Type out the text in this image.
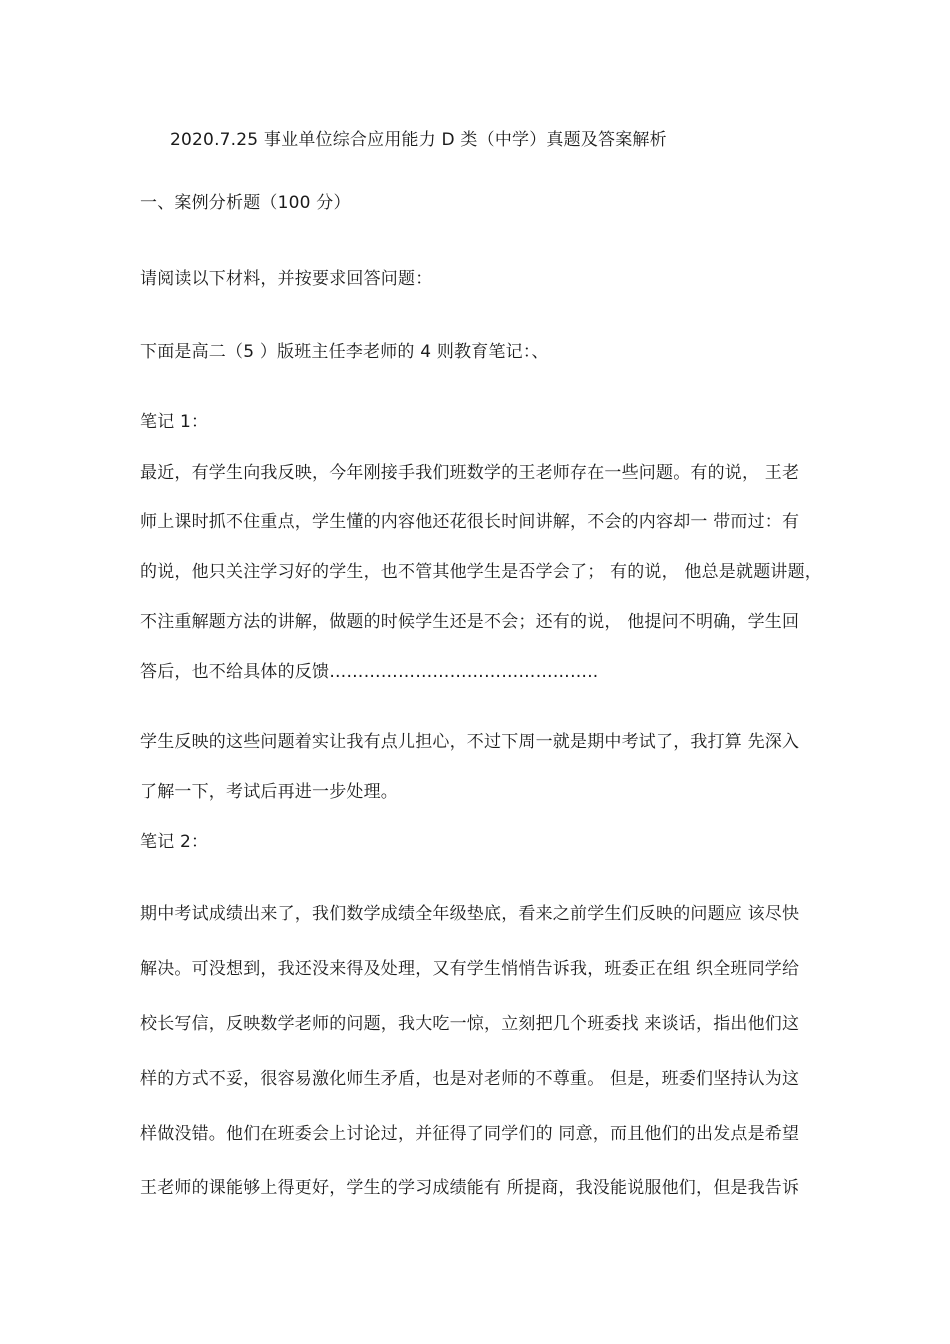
2020.7.25 事业单位综合应用能力 D 类（中学）真题及答案解析
一、案例分析题（100 分）
请阅读以下材料，并按要求回答问题：
下面是高二（5 ）版班主任李老师的 4 则教育笔记：、
笔记 1：
最近，有学生向我反映，今年刚接手我们班数学的王老师存在一些问题。有的说， 王老
师上课时抓不住重点，学生懂的内容他还花很长时间讲解，不会的内容却一 带而过：有
的说，他只关注学习好的学生，也不管其他学生是否学会了； 有的说， 他总是就题讲题，
不注重解题方法的讲解，做题的时候学生还是不会；还有的说， 他提问不明确，学生回
答后，也不给具体的反馈………………………………………..
学生反映的这些问题着实让我有点儿担心，不过下周一就是期中考试了，我打算 先深入
了解一下，考试后再进一步处理。
笔记 2：
期中考试成绩出来了，我们数学成绩全年级垫底，看来之前学生们反映的问题应 该尽快
解决。可没想到，我还没来得及处理，又有学生悄悄告诉我，班委正在组 织全班同学给
校长写信，反映数学老师的问题，我大吃一惊，立刻把几个班委找 来谈话，指出他们这
样的方式不妥，很容易激化师生矛盾，也是对老师的不尊重。 但是，班委们坚持认为这
样做没错。他们在班委会上讨论过，并征得了同学们的 同意，而且他们的出发点是希望
王老师的课能够上得更好，学生的学习成绩能有 所提商，我没能说服他们，但是我告诉
